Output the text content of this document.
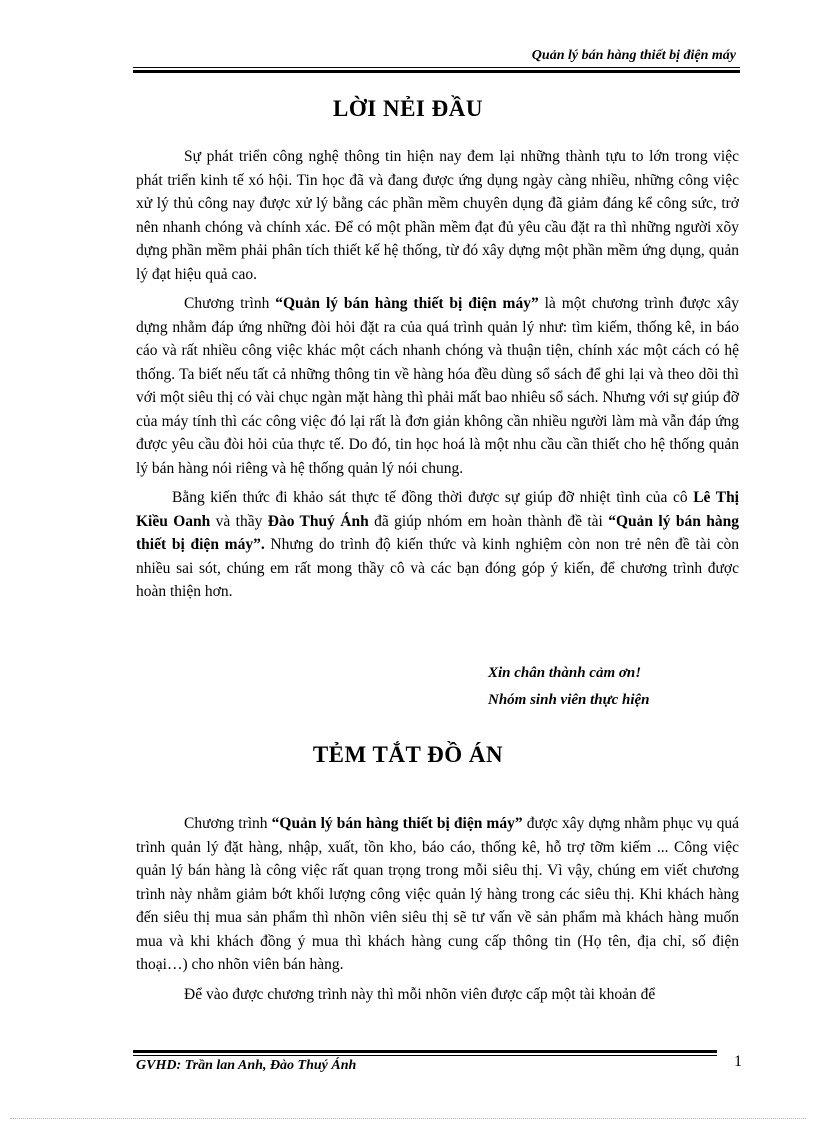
Quản lý bán hàng thiết bị điện máy
LỜI NẺI ĐẦU

Sự phát triển công nghệ thông tin hiện nay đem lại những thành tựu to lớn trong việc phát triển kinh tế xó hội. Tin học đã và đang được ứng dụng ngày càng nhiều, những công việc xử lý thủ công nay được xử lý bằng các phần mềm chuyên dụng đã giảm đáng kể công sức, trở nên nhanh chóng và chính xác. Để có một phần mềm đạt đủ yêu cầu đặt ra thì những người xõy dựng phần mềm phải phân tích thiết kế hệ thống, từ đó xây dựng một phần mềm ứng dụng, quản lý đạt hiệu quả cao.

Chương trình “Quản lý bán hàng thiết bị điện máy” là một chương trình được xây dựng nhằm đáp ứng những đòi hỏi đặt ra của quá trình quản lý như: tìm kiếm, thống kê, in báo cáo và rất nhiều công việc khác một cách nhanh chóng và thuận tiện, chính xác một cách có hệ thống. Ta biết nếu tất cả những thông tin về hàng hóa đều dùng sổ sách để ghi lại và theo dõi thì với một siêu thị có vài chục ngàn mặt hàng thì phải mất bao nhiêu sổ sách. Nhưng với sự giúp đỡ của máy tính thì các công việc đó lại rất là đơn giản không cần nhiều người làm mà vẫn đáp ứng được yêu cầu đòi hỏi của thực tế. Do đó, tin học hoá là một nhu cầu cần thiết cho hệ thống quản lý bán hàng nói riêng và hệ thống quản lý nói chung.

Bằng kiến thức đi khảo sát thực tế đồng thời được sự giúp đỡ nhiệt tình của cô Lê Thị Kiều Oanh và thầy Đào Thuý Ánh đã giúp nhóm em hoàn thành đề tài “Quản lý bán hàng thiết bị điện máy”. Nhưng do trình độ kiến thức và kinh nghiệm còn non trẻ nên đề tài còn nhiều sai sót, chúng em rất mong thầy cô và các bạn đóng góp ý kiến, để chương trình được hoàn thiện hơn.

Xin chân thành cảm ơn!
Nhóm sinh viên thực hiện
TẺM TẮT ĐỒ ÁN

Chương trình “Quản lý bán hàng thiết bị điện máy” được xây dựng nhằm phục vụ quá trình quản lý đặt hàng, nhập, xuất, tồn kho, báo cáo, thống kê, hỗ trợ tỡm kiếm ... Công việc quản lý bán hàng là công việc rất quan trọng trong mỗi siêu thị. Vì vậy, chúng em viết chương trình này nhằm giảm bớt khối lượng công việc quản lý hàng trong các siêu thị. Khi khách hàng đến siêu thị mua sản phẩm thì nhõn viên siêu thị sẽ tư vấn về sản phẩm mà khách hàng muốn mua và khi khách đồng ý mua thì khách hàng cung cấp thông tin (Họ tên, địa chỉ, số điện thoại…) cho nhõn viên bán hàng.

Để vào được chương trình này thì mỗi nhõn viên được cấp một tài khoản để

GVHD: Trần lan Anh, Đào Thuý Ánh	1
